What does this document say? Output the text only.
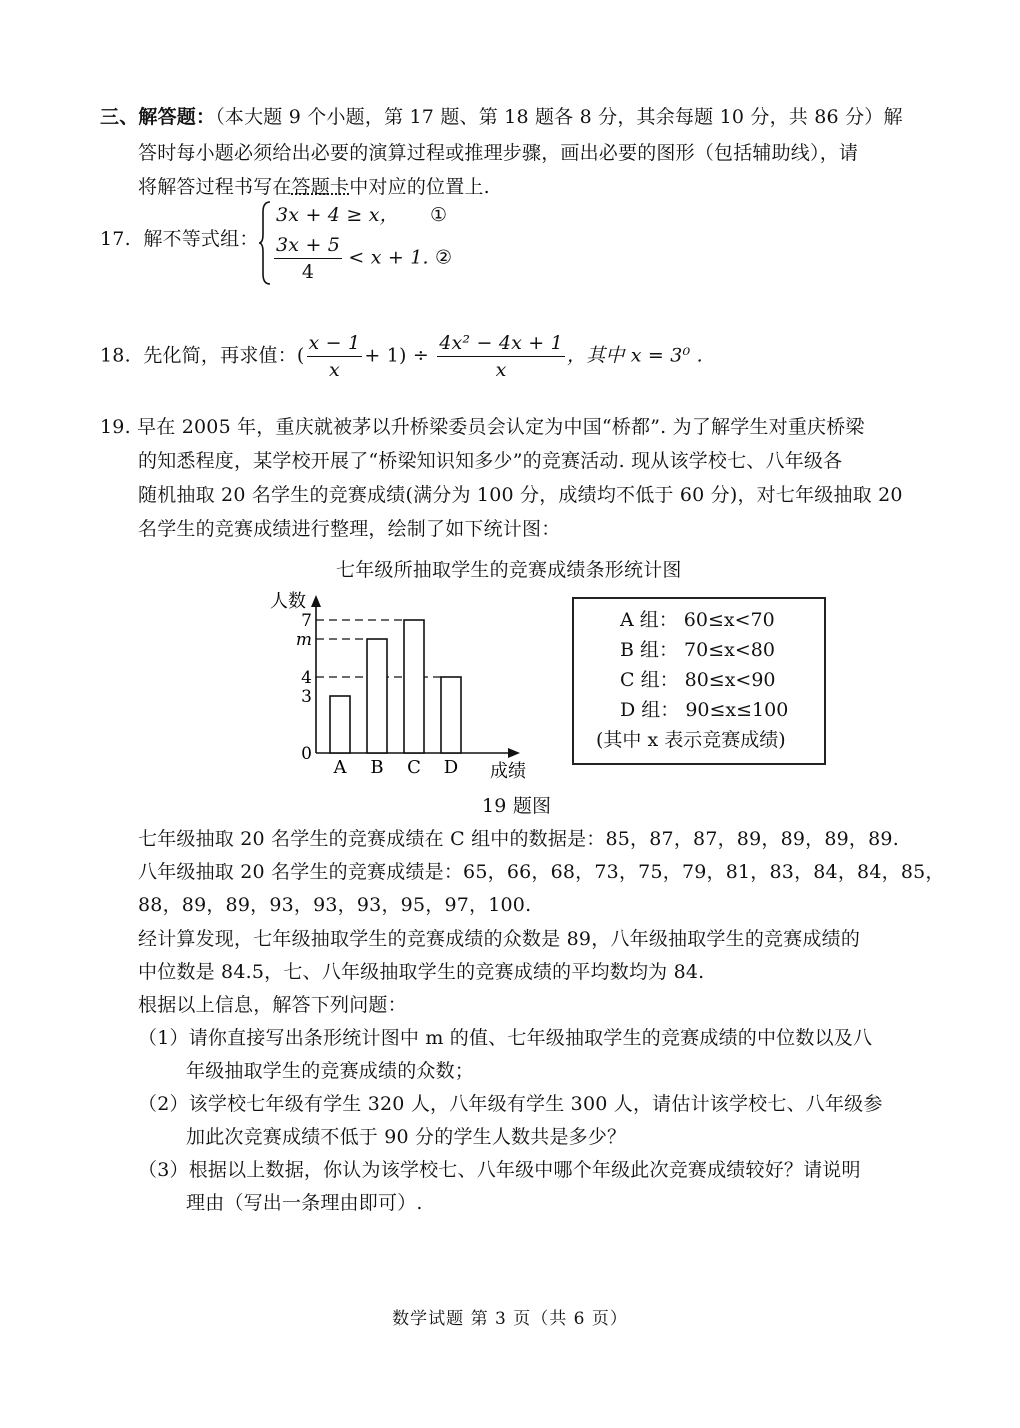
三、解答题：（本大题 9 个小题，第 17 题、第 18 题各 8 分，其余每题 10 分，共 86 分）解
答时每小题必须给出必要的演算过程或推理步骤，画出必要的图形（包括辅助线），请
将解答过程书写在答题卡中对应的位置上.
17. 解不等式组：
3x + 4 ≥ x， ①
$\frac{3x + 5}{4} < x + 1$. ②
18. 先化简，再求值：( $\frac{x - 1}{x} + 1) \div \frac{\text{4x² − 4x + 1}}{x}$ ，其中 x = 3⁰ .
19. 早在 2005 年，重庆就被茅以升桥梁委员会认定为中国“桥都”. 为了解学生对重庆桥梁
的知悉程度，某学校开展了“桥梁知识知多少”的竞赛活动. 现从该学校七、八年级各
随机抽取 20 名学生的竞赛成绩(满分为 100 分，成绩均不低于 60 分)，对七年级抽取 20
名学生的竞赛成绩进行整理，绘制了如下统计图：
七年级所抽取学生的竞赛成绩条形统计图
A B C D
0
3
4
m
7
人数
成绩
A 组： 60≤x<70
B 组： 70≤x<80
C 组： 80≤x<90
D 组： 90≤x≤100
(其中 x 表示竞赛成绩)
19 题图
七年级抽取 20 名学生的竞赛成绩在 C 组中的数据是：85，87，87，89，89，89，89.
八年级抽取 20 名学生的竞赛成绩是：65，66，68，73，75，79，81，83，84，84，85，
88，89，89，93，93，93，95，97，100.
经计算发现，七年级抽取学生的竞赛成绩的众数是 89，八年级抽取学生的竞赛成绩的
中位数是 84.5，七、八年级抽取学生的竞赛成绩的平均数均为 84.
根据以上信息，解答下列问题：
（1）请你直接写出条形统计图中 m 的值、七年级抽取学生的竞赛成绩的中位数以及八
年级抽取学生的竞赛成绩的众数；
（2）该学校七年级有学生 320 人，八年级有学生 300 人，请估计该学校七、八年级参
加此次竞赛成绩不低于 90 分的学生人数共是多少？
（3）根据以上数据，你认为该学校七、八年级中哪个年级此次竞赛成绩较好？请说明
理由（写出一条理由即可）.
数学试题 第 3 页（共 6 页）
